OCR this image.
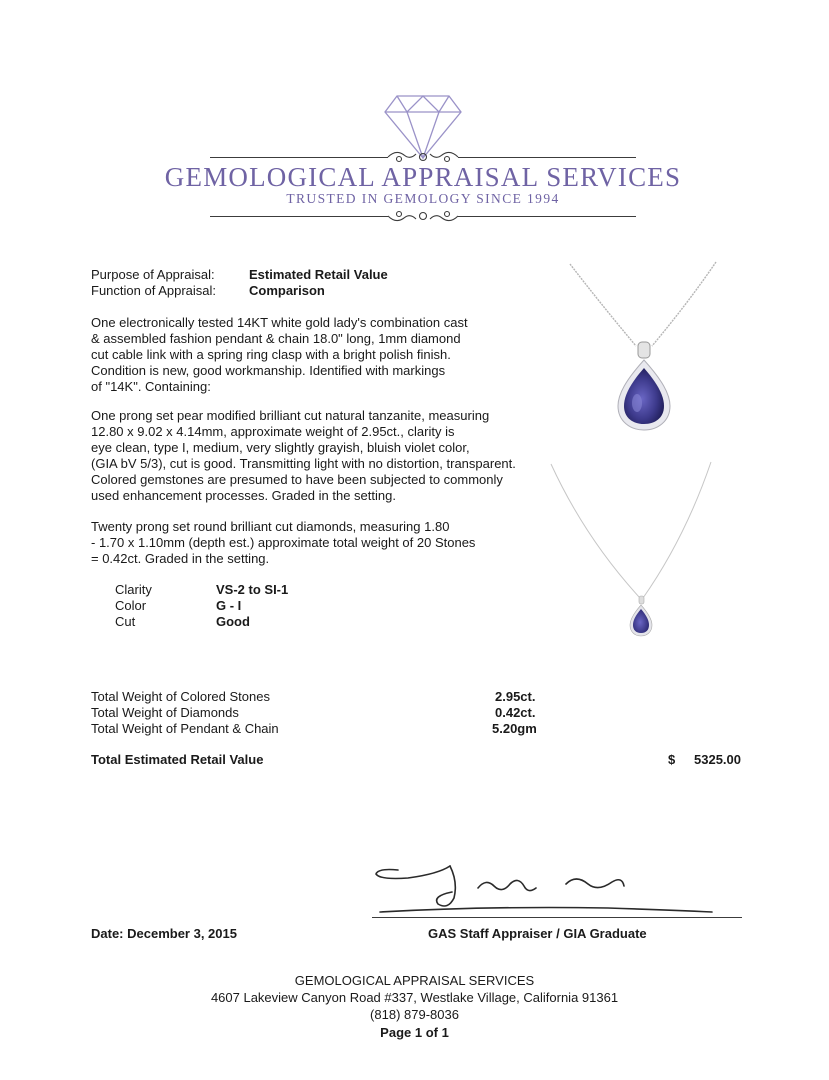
GEMOLOGICAL APPRAISAL SERVICES
TRUSTED IN GEMOLOGY SINCE 1994
Purpose of Appraisal:	Estimated Retail Value
Function of Appraisal:	Comparison
One electronically tested 14KT white gold lady's combination cast
& assembled fashion pendant & chain 18.0" long, 1mm diamond
cut cable link with a spring ring clasp with a bright polish finish.
Condition is new, good workmanship. Identified with markings
of "14K". Containing:
One prong set pear modified brilliant cut natural tanzanite, measuring
12.80 x 9.02 x 4.14mm, approximate weight of 2.95ct., clarity is
eye clean, type I, medium, very slightly grayish, bluish violet color,
(GIA bV 5/3), cut is good. Transmitting light with no distortion, transparent.
Colored gemstones are presumed to have been subjected to commonly
used enhancement processes. Graded in the setting.
Twenty prong set round brilliant cut diamonds, measuring 1.80
- 1.70 x 1.10mm (depth est.) approximate total weight of 20 Stones
= 0.42ct. Graded in the setting.
Clarity	VS-2 to SI-1
Color	G - I
Cut	Good
Total Weight of Colored Stones	2.95ct.
Total Weight of Diamonds	0.42ct.
Total Weight of Pendant & Chain	5.20gm
Total Estimated Retail Value	$ 5325.00
Date: December 3, 2015	GAS Staff Appraiser / GIA Graduate
GEMOLOGICAL APPRAISAL SERVICES
4607 Lakeview Canyon Road #337, Westlake Village, California 91361
(818) 879-8036
Page 1 of 1
